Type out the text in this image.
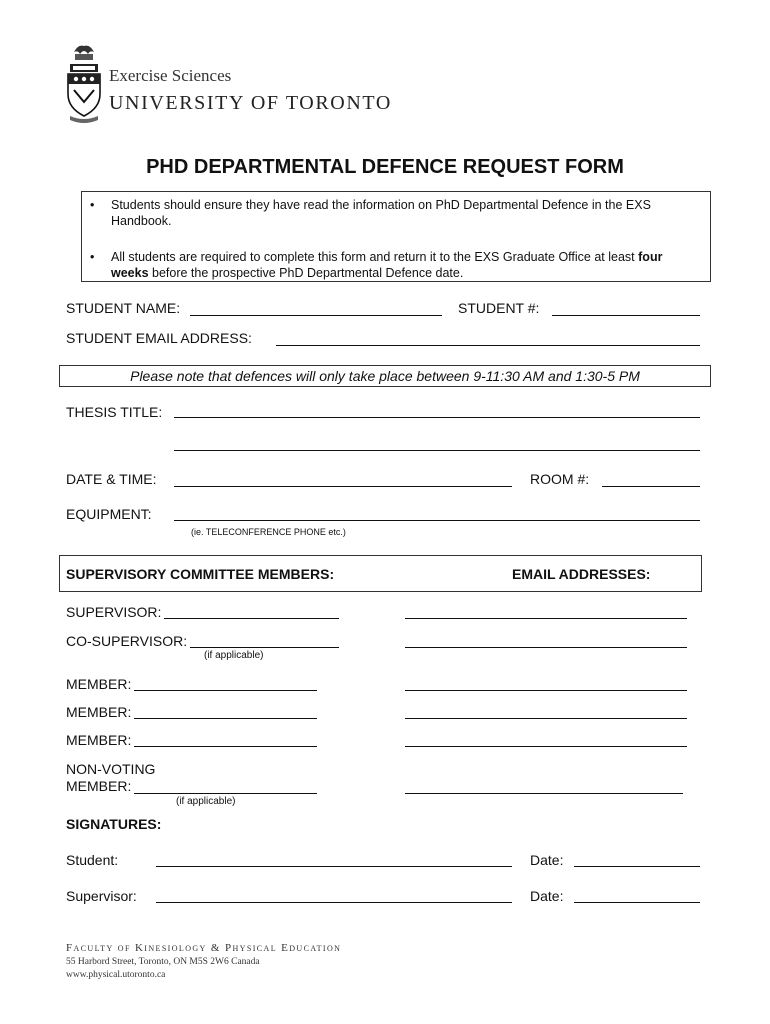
Exercise Sciences
UNIVERSITY OF TORONTO
PHD DEPARTMENTAL DEFENCE REQUEST FORM
• Students should ensure they have read the information on PhD Departmental Defence in the EXS Handbook.
• All students are required to complete this form and return it to the EXS Graduate Office at least four weeks before the prospective PhD Departmental Defence date.
STUDENT NAME:	STUDENT #:
STUDENT EMAIL ADDRESS:
Please note that defences will only take place between 9-11:30 AM and 1:30-5 PM
THESIS TITLE:
DATE & TIME:	ROOM #:
EQUIPMENT:
(ie. TELECONFERENCE PHONE etc.)
SUPERVISORY COMMITTEE MEMBERS:	EMAIL ADDRESSES:
SUPERVISOR:
CO-SUPERVISOR:
(if applicable)
MEMBER:
MEMBER:
MEMBER:
NON-VOTING
MEMBER:
(if applicable)
SIGNATURES:
Student:	Date:
Supervisor:	Date:
Faculty of Kinesiology & Physical Education
55 Harbord Street, Toronto, ON M5S 2W6 Canada
www.physical.utoronto.ca
